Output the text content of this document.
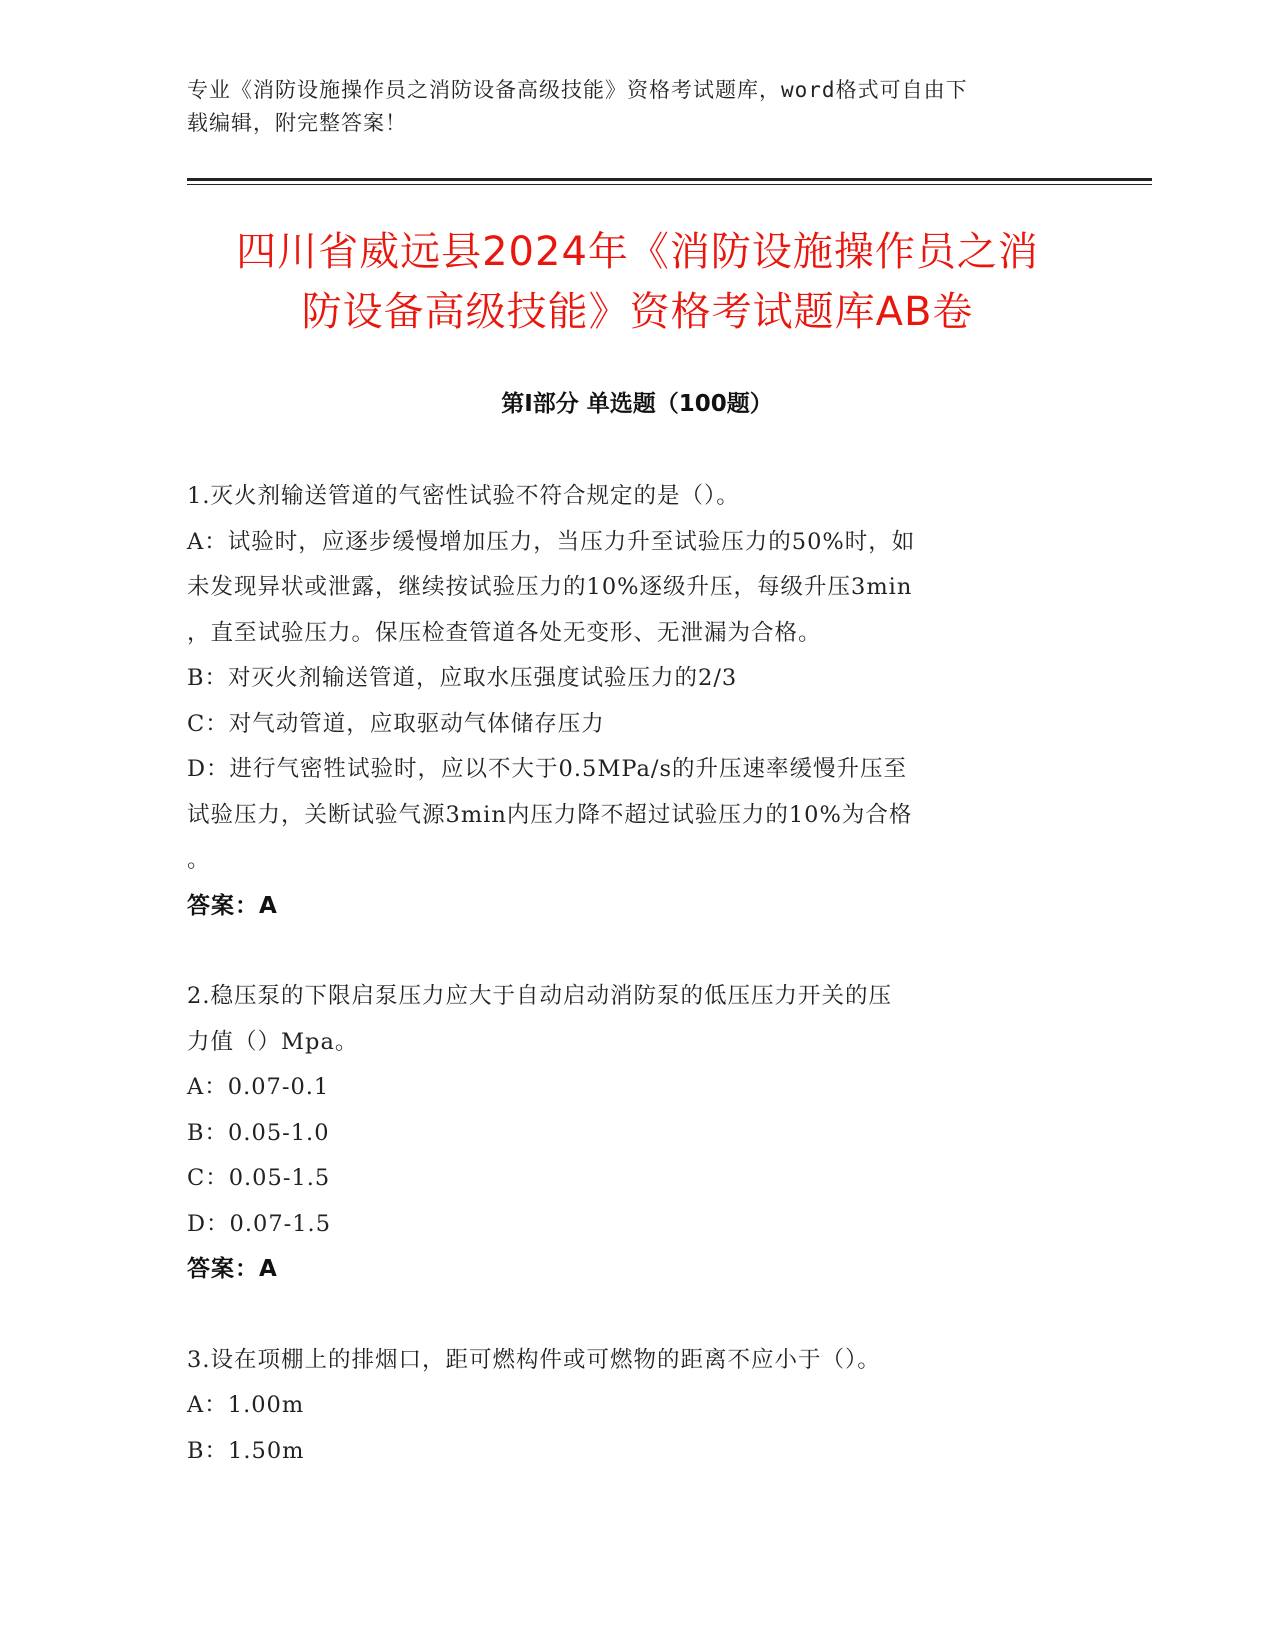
专业《消防设施操作员之消防设备高级技能》资格考试题库，word格式可自由下
载编辑，附完整答案！
四川省威远县2024年《消防设施操作员之消
防设备高级技能》资格考试题库AB卷
第Ⅰ部分 单选题（100题）
1.灭火剂输送管道的气密性试验不符合规定的是（）。
A：试验时，应逐步缓慢增加压力，当压力升至试验压力的50%时，如
未发现异状或泄露，继续按试验压力的10%逐级升压，每级升压3min
，直至试验压力。保压检查管道各处无变形、无泄漏为合格。
B：对灭火剂输送管道，应取水压强度试验压力的2/3
C：对气动管道，应取驱动气体储存压力
D：进行气密牲试验时，应以不大于0.5MPa/s的升压速率缓慢升压至
试验压力，关断试验气源3min内压力降不超过试验压力的10%为合格
。
答案：A
2.稳压泵的下限启泵压力应大于自动启动消防泵的低压压力开关的压
力值（）Mpa。
A：0.07-0.1
B：0.05-1.0
C：0.05-1.5
D：0.07-1.5
答案：A
3.设在项棚上的排烟口，距可燃构件或可燃物的距离不应小于（）。
A：1.00m
B：1.50m
